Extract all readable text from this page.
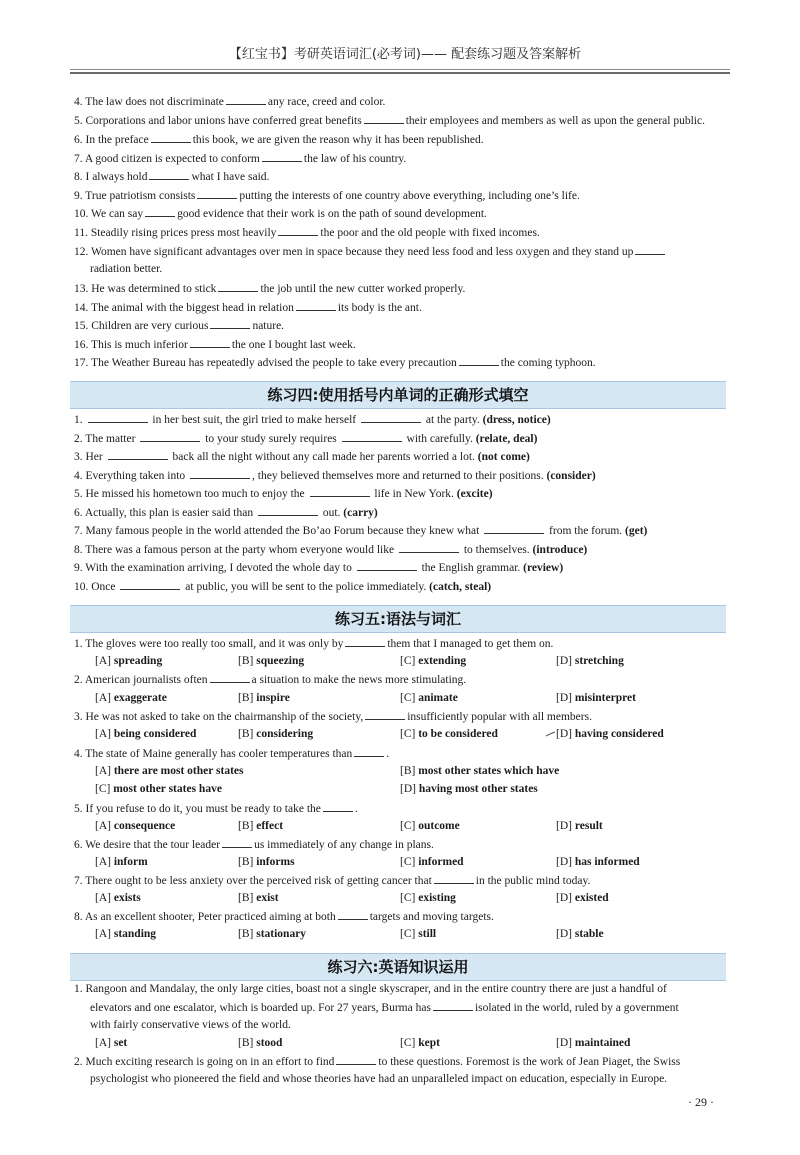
【红宝书】考研英语词汇(必考词)—— 配套练习题及答案解析
4. The law does not discriminate	any race, creed and color.
5. Corporations and labor unions have conferred great benefits	their employees and members as well as upon the general public.
6. In the preface	this book, we are given the reason why it has been republished.
7. A good citizen is expected to conform	the law of his country.
8. I always hold	what I have said.
9. True patriotism consists	putting the interests of one country above everything, including one’s life.
10. We can say	good evidence that their work is on the path of sound development.
11. Steadily rising prices press most heavily	the poor and the old people with fixed incomes.
12. Women have significant advantages over men in space because they need less food and less oxygen and they stand up
radiation better.
13. He was determined to stick	the job until the new cutter worked properly.
14. The animal with the biggest head in relation	its body is the ant.
15. Children are very curious	nature.
16. This is much inferior	the one I bought last week.
17. The Weather Bureau has repeatedly advised the people to take every precaution	the coming typhoon.
练习四:使用括号内单词的正确形式填空
1.	in her best suit, the girl tried to make herself	at the party. (dress, notice)
2. The matter	to your study surely requires	with carefully. (relate, deal)
3. Her	back all the night without any call made her parents worried a lot. (not come)
4. Everything taken into	, they believed themselves more and returned to their positions. (consider)
5. He missed his hometown too much to enjoy the	life in New York. (excite)
6. Actually, this plan is easier said than	out. (carry)
7. Many famous people in the world attended the Bo’ao Forum because they knew what	from the forum. (get)
8. There was a famous person at the party whom everyone would like	to themselves. (introduce)
9. With the examination arriving, I devoted the whole day to	the English grammar. (review)
10. Once	at public, you will be sent to the police immediately. (catch, steal)
练习五:语法与词汇
1. The gloves were too really too small, and it was only by	them that I managed to get them on.
[A] spreading	[B] squeezing	[C] extending	[D] stretching
2. American journalists often	a situation to make the news more stimulating.
[A] exaggerate	[B] inspire	[C] animate	[D] misinterpret
3. He was not asked to take on the chairmanship of the society,	insufficiently popular with all members.
[A] being considered	[B] considering	[C] to be considered	[D] having considered
4. The state of Maine generally has cooler temperatures than	.
[A] there are most other states	[B] most other states which have
[C] most other states have	[D] having most other states
5. If you refuse to do it, you must be ready to take the	.
[A] consequence	[B] effect	[C] outcome	[D] result
6. We desire that the tour leader	us immediately of any change in plans.
[A] inform	[B] informs	[C] informed	[D] has informed
7. There ought to be less anxiety over the perceived risk of getting cancer that	in the public mind today.
[A] exists	[B] exist	[C] existing	[D] existed
8. As an excellent shooter, Peter practiced aiming at both	targets and moving targets.
[A] standing	[B] stationary	[C] still	[D] stable
练习六:英语知识运用
1. Rangoon and Mandalay, the only large cities, boast not a single skyscraper, and in the entire country there are just a handful of
elevators and one escalator, which is boarded up. For 27 years, Burma has	isolated in the world, ruled by a government
with fairly conservative views of the world.
[A] set	[B] stood	[C] kept	[D] maintained
2. Much exciting research is going on in an effort to find	to these questions. Foremost is the work of Jean Piaget, the Swiss
psychologist who pioneered the field and whose theories have had an unparalleled impact on education, especially in Europe.
· 29 ·
